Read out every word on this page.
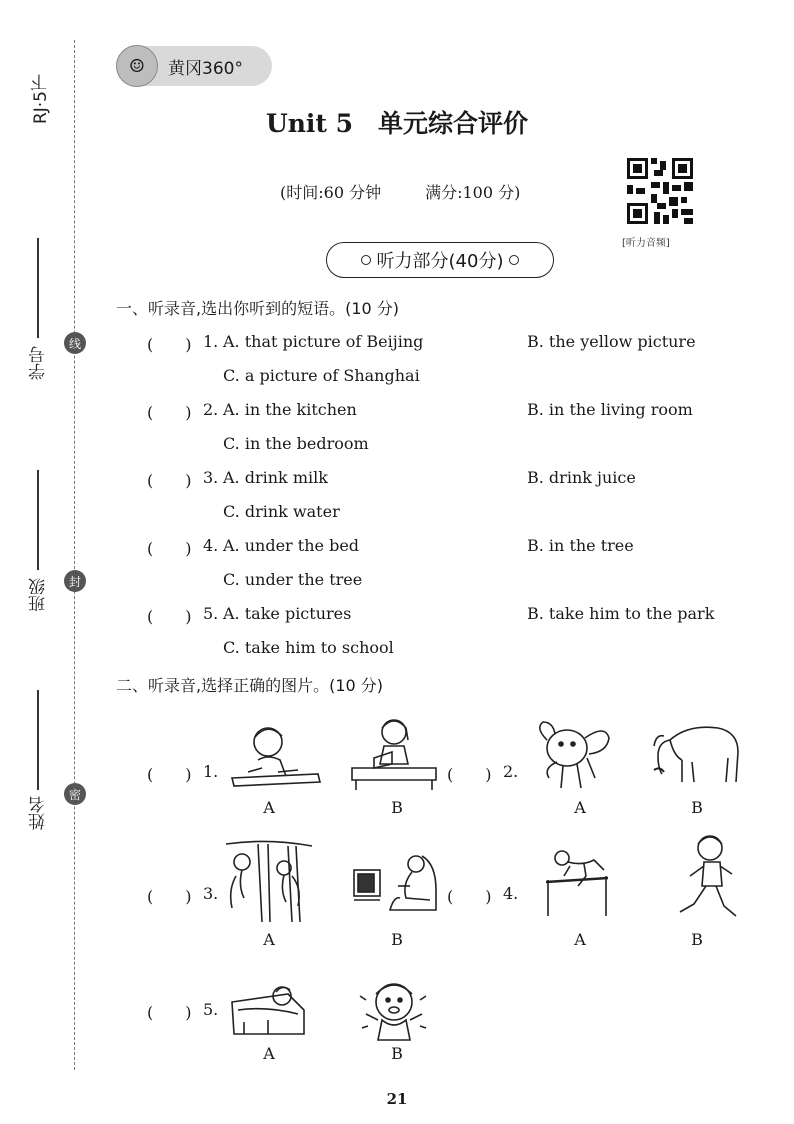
RJ·5下
学号
线
班级	封
姓名
密
☺	黄冈360°
Unit 5　单元综合评价
(时间:60 分钟	满分:100 分)
[听力音频]
听力部分(40分)
一、听录音,选出你听到的短语。(10 分)
(　　) 1. A. that picture of Beijing	B. the yellow picture
C. a picture of Shanghai
(　　) 2. A. in the kitchen	B. in the living room
C. in the bedroom
(　　) 3. A. drink milk	B. drink juice
C. drink water
(　　) 4. A. under the bed	B. in the tree
C. under the tree
(　　) 5. A. take pictures	B. take him to the park
C. take him to school
二、听录音,选择正确的图片。(10 分)
(　　) 1.
A	B
(　　) 2.
A	B
(　　) 3.
A	B
(　　) 4.
A	B
(　　) 5.
A	B
21
